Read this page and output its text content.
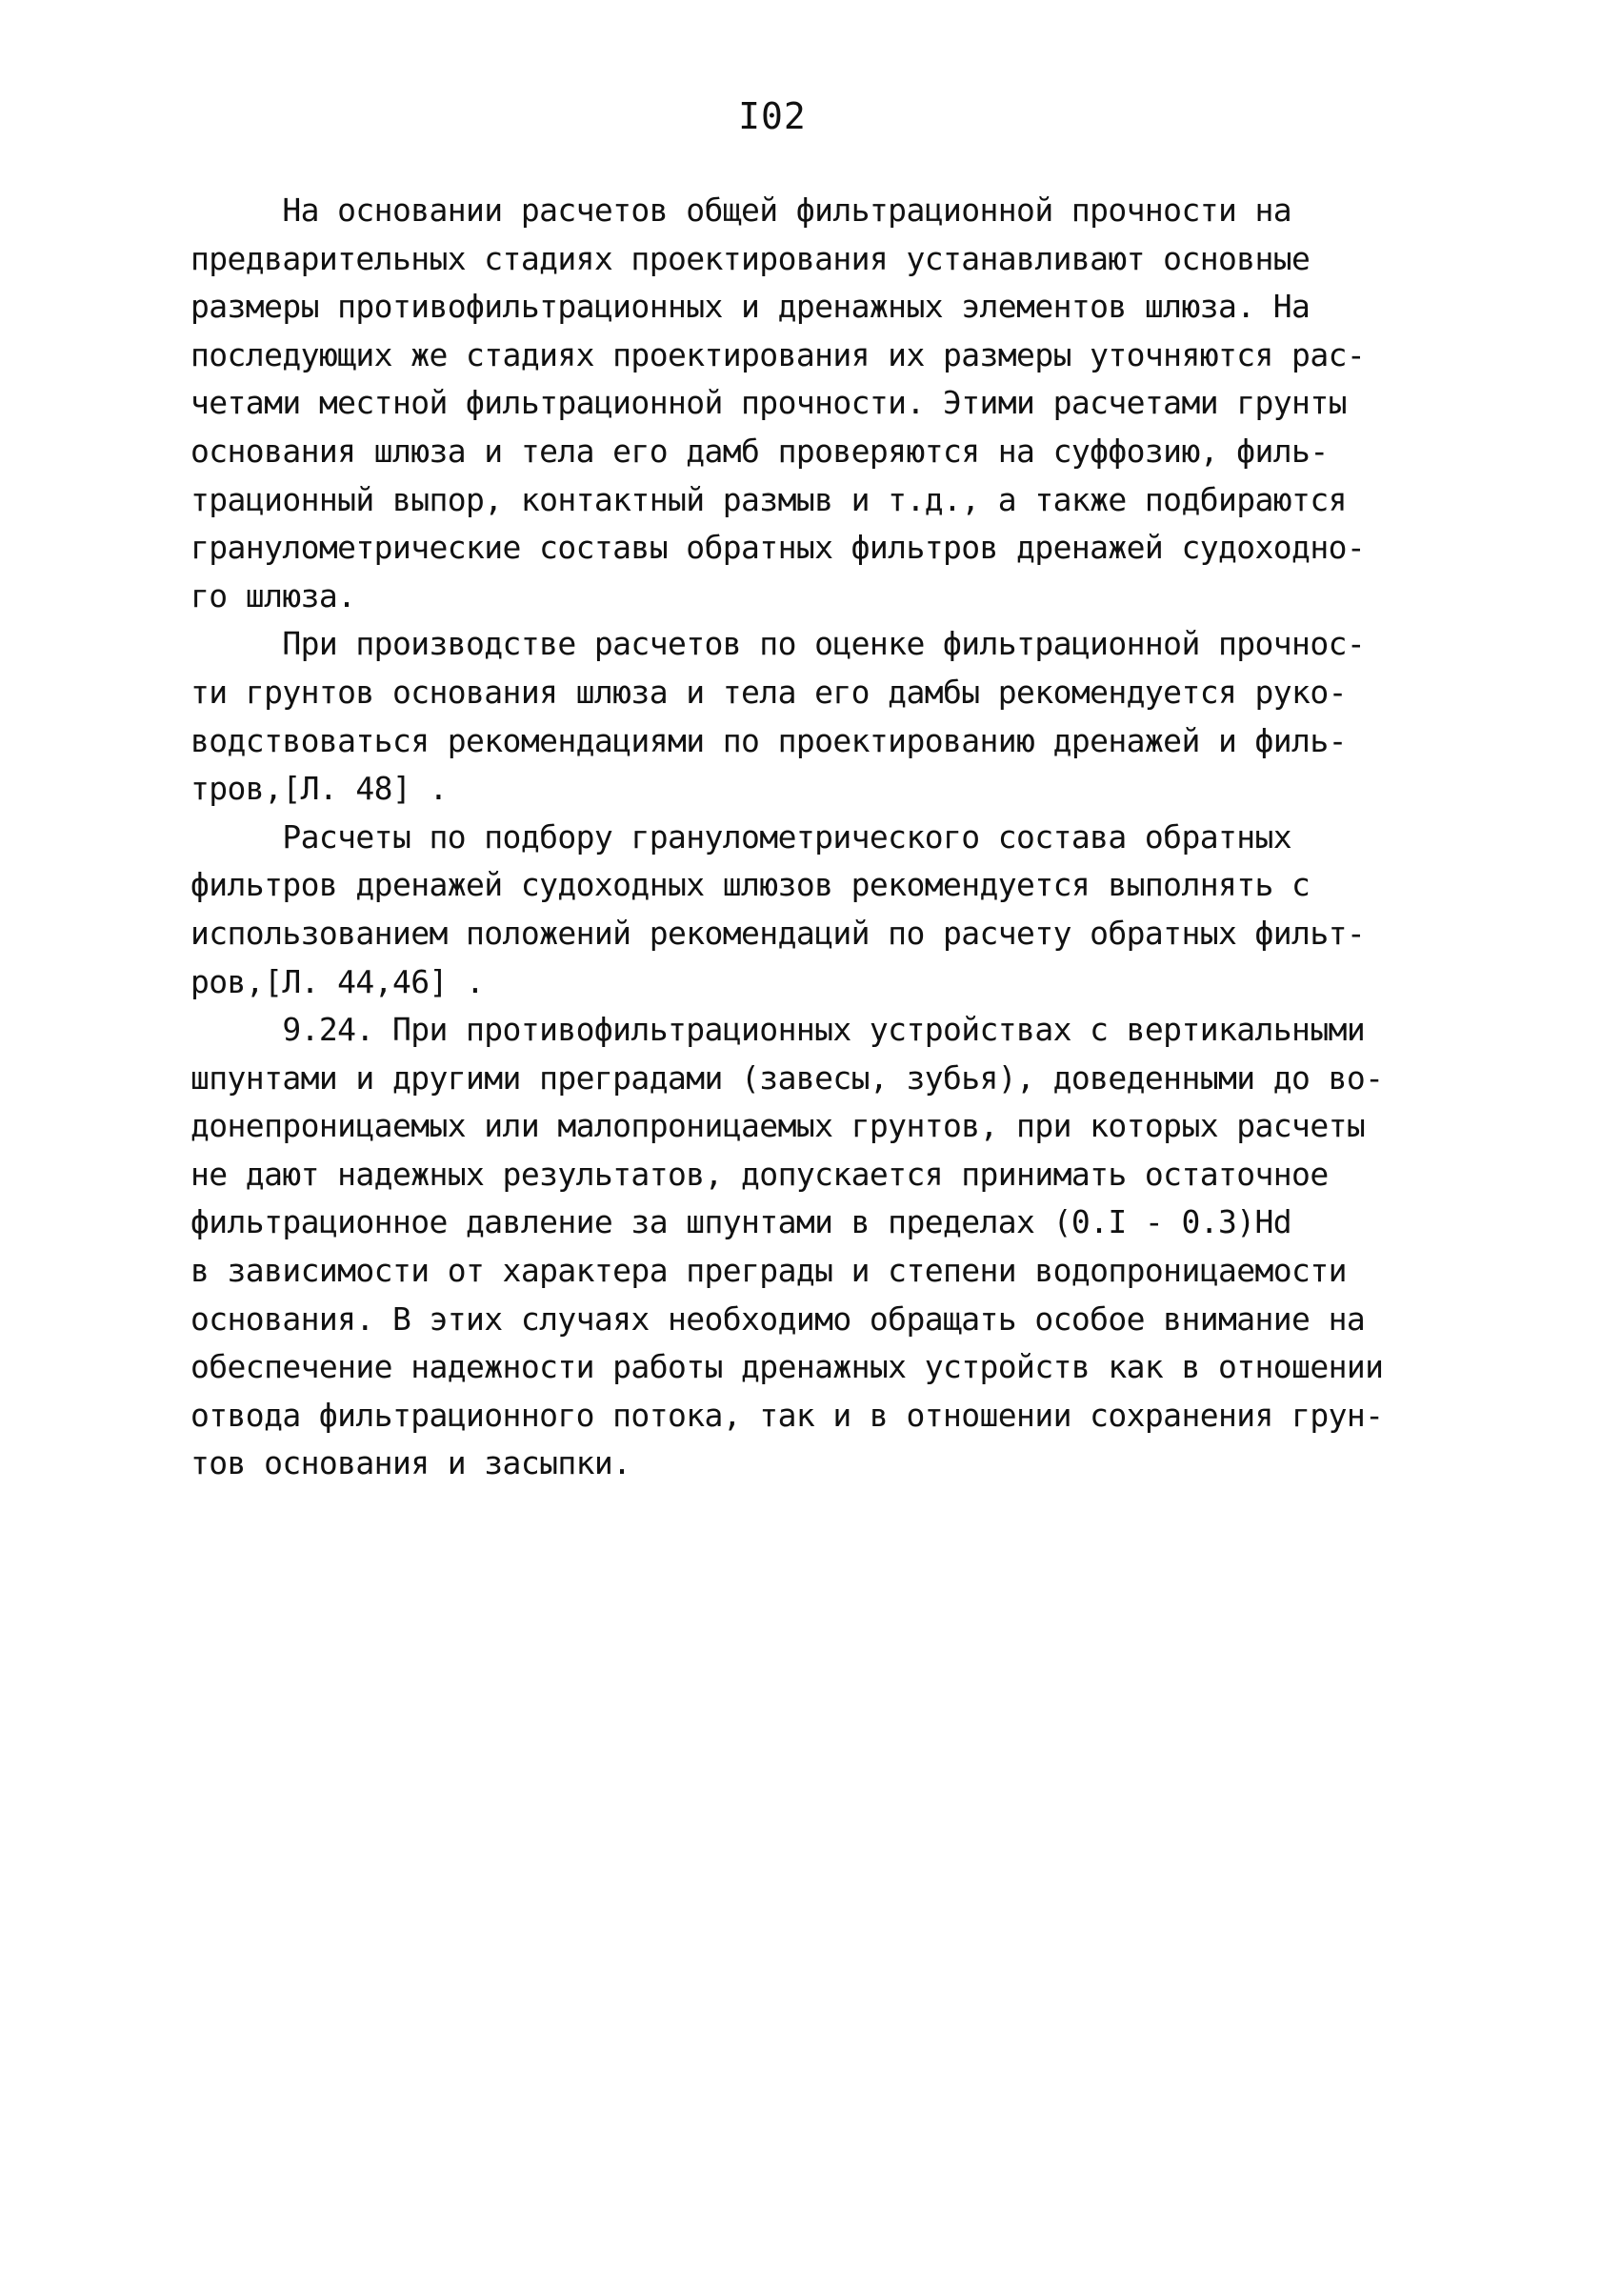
I02
На основании расчетов общей фильтрационной прочности на
предварительных стадиях проектирования устанавливают основные
размеры противофильтрационных и дренажных элементов шлюза. На
последующих же стадиях проектирования их размеры уточняются рас-
четами местной фильтрационной прочности. Этими расчетами грунты
основания шлюза и тела его дамб проверяются на суффозию, филь-
трационный выпор, контактный размыв и т.д., а также подбираются
гранулометрические составы обратных фильтров дренажей судоходно-
го шлюза.
При производстве расчетов по оценке фильтрационной прочнос-
ти грунтов основания шлюза и тела его дамбы рекомендуется руко-
водствоваться рекомендациями по проектированию дренажей и филь-
тров,[Л. 48] .
Расчеты по подбору гранулометрического состава обратных
фильтров дренажей судоходных шлюзов рекомендуется выполнять с
использованием положений рекомендаций по расчету обратных фильт-
ров,[Л. 44,46] .
9.24. При противофильтрационных устройствах с вертикальными
шпунтами и другими преградами (завесы, зубья), доведенными до во-
донепроницаемых или малопроницаемых грунтов, при которых расчеты
не дают надежных результатов, допускается принимать остаточное
фильтрационное давление за шпунтами в пределах (0.I - 0.3)Hd
в зависимости от характера преграды и степени водопроницаемости
основания. В этих случаях необходимо обращать особое внимание на
обеспечение надежности работы дренажных устройств как в отношении
отвода фильтрационного потока, так и в отношении сохранения грун-
тов основания и засыпки.
